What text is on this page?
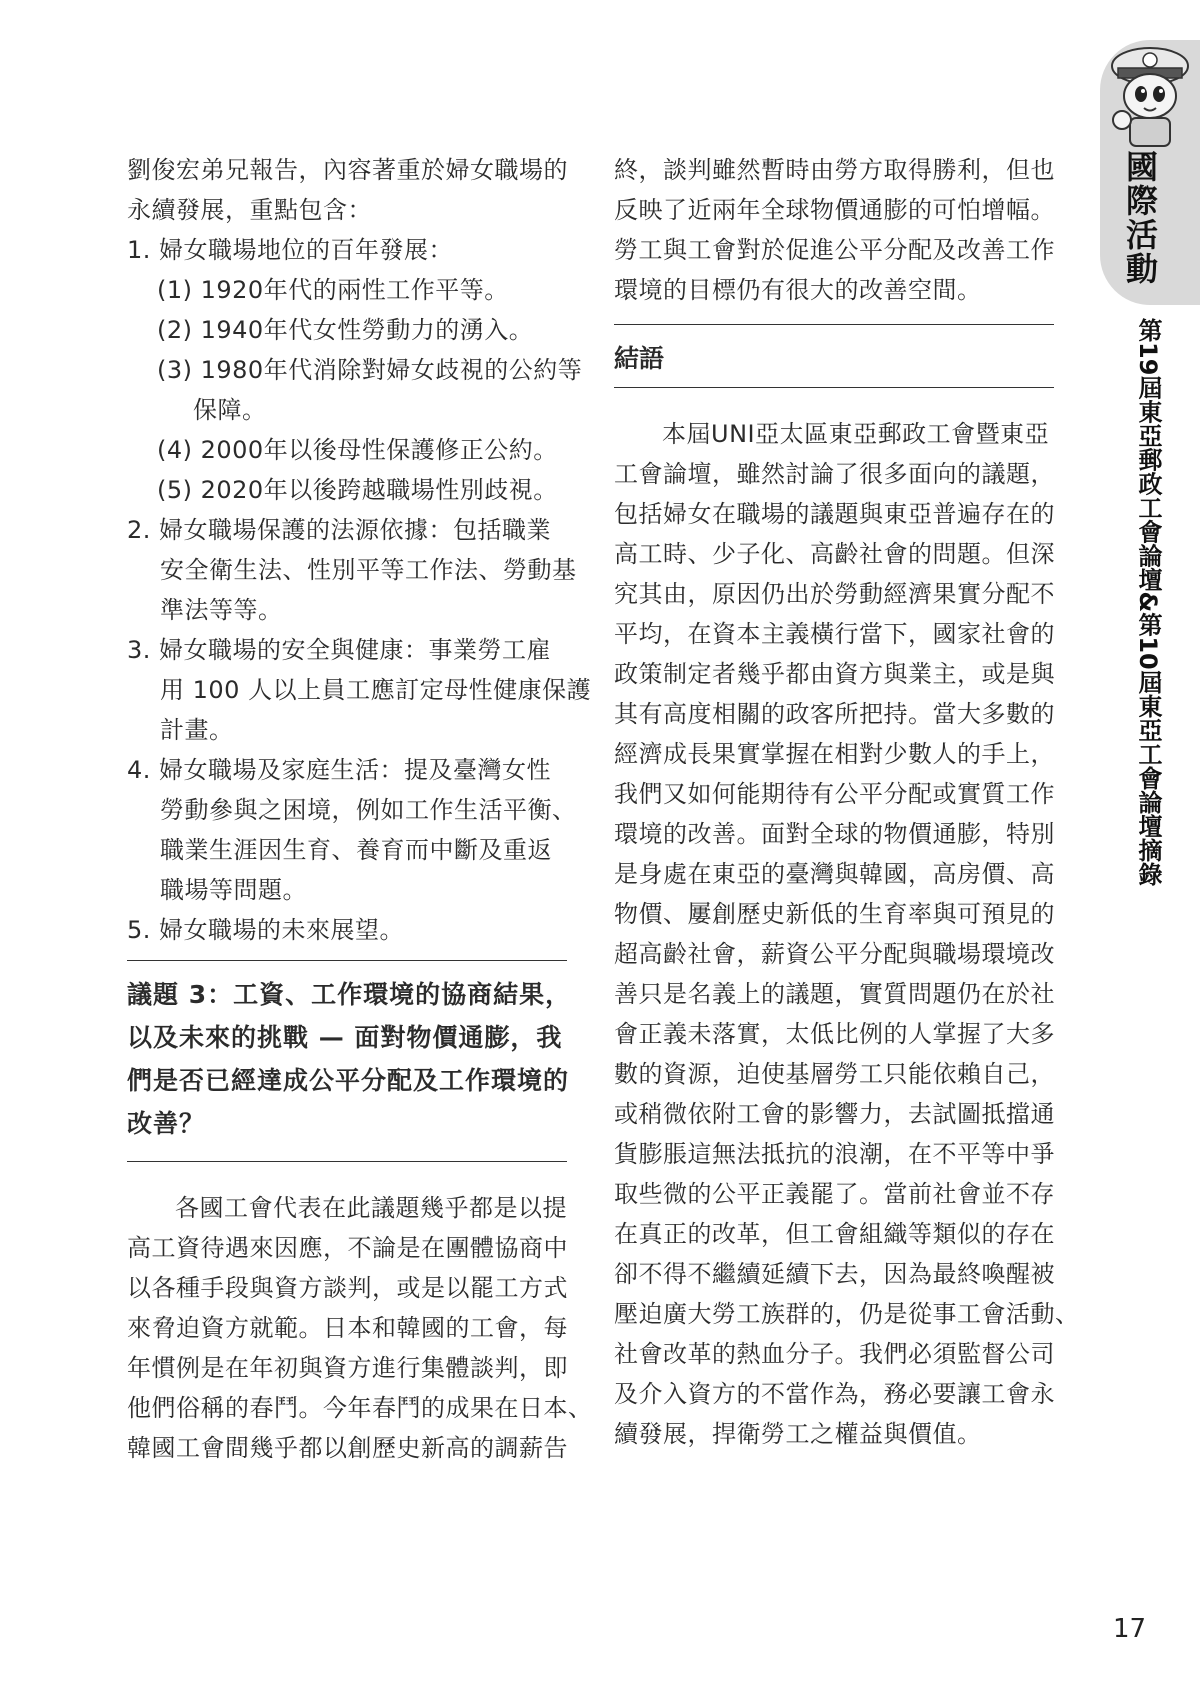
國際活動
第19屆東亞郵政工會論壇&第10屆東亞工會論壇摘錄
劉俊宏弟兄報告，內容著重於婦女職場的
永續發展，重點包含：
1. 婦女職場地位的百年發展：
(1) 1920年代的兩性工作平等。
(2) 1940年代女性勞動力的湧入。
(3) 1980年代消除對婦女歧視的公約等
保障。
(4) 2000年以後母性保護修正公約。
(5) 2020年以後跨越職場性別歧視。
2. 婦女職場保護的法源依據：包括職業
安全衛生法、性別平等工作法、勞動基
準法等等。
3. 婦女職場的安全與健康：事業勞工雇
用 100 人以上員工應訂定母性健康保護
計畫。
4. 婦女職場及家庭生活：提及臺灣女性
勞動參與之困境，例如工作生活平衡、
職業生涯因生育、養育而中斷及重返
職場等問題。
5. 婦女職場的未來展望。
議題 3：工資、工作環境的協商結果，
以及未來的挑戰 — 面對物價通膨，我
們是否已經達成公平分配及工作環境的
改善？
各國工會代表在此議題幾乎都是以提
高工資待遇來因應，不論是在團體協商中
以各種手段與資方談判，或是以罷工方式
來脅迫資方就範。日本和韓國的工會，每
年慣例是在年初與資方進行集體談判，即
他們俗稱的春鬥。今年春鬥的成果在日本、
韓國工會間幾乎都以創歷史新高的調薪告
終，談判雖然暫時由勞方取得勝利，但也
反映了近兩年全球物價通膨的可怕增幅。
勞工與工會對於促進公平分配及改善工作
環境的目標仍有很大的改善空間。
結語
本屆UNI亞太區東亞郵政工會暨東亞
工會論壇，雖然討論了很多面向的議題，
包括婦女在職場的議題與東亞普遍存在的
高工時、少子化、高齡社會的問題。但深
究其由，原因仍出於勞動經濟果實分配不
平均，在資本主義橫行當下，國家社會的
政策制定者幾乎都由資方與業主，或是與
其有高度相關的政客所把持。當大多數的
經濟成長果實掌握在相對少數人的手上，
我們又如何能期待有公平分配或實質工作
環境的改善。面對全球的物價通膨，特別
是身處在東亞的臺灣與韓國，高房價、高
物價、屢創歷史新低的生育率與可預見的
超高齡社會，薪資公平分配與職場環境改
善只是名義上的議題，實質問題仍在於社
會正義未落實，太低比例的人掌握了大多
數的資源，迫使基層勞工只能依賴自己，
或稍微依附工會的影響力，去試圖抵擋通
貨膨脹這無法抵抗的浪潮，在不平等中爭
取些微的公平正義罷了。當前社會並不存
在真正的改革，但工會組織等類似的存在
卻不得不繼續延續下去，因為最終喚醒被
壓迫廣大勞工族群的，仍是從事工會活動、
社會改革的熱血分子。我們必須監督公司
及介入資方的不當作為，務必要讓工會永
續發展，捍衛勞工之權益與價值。
17
